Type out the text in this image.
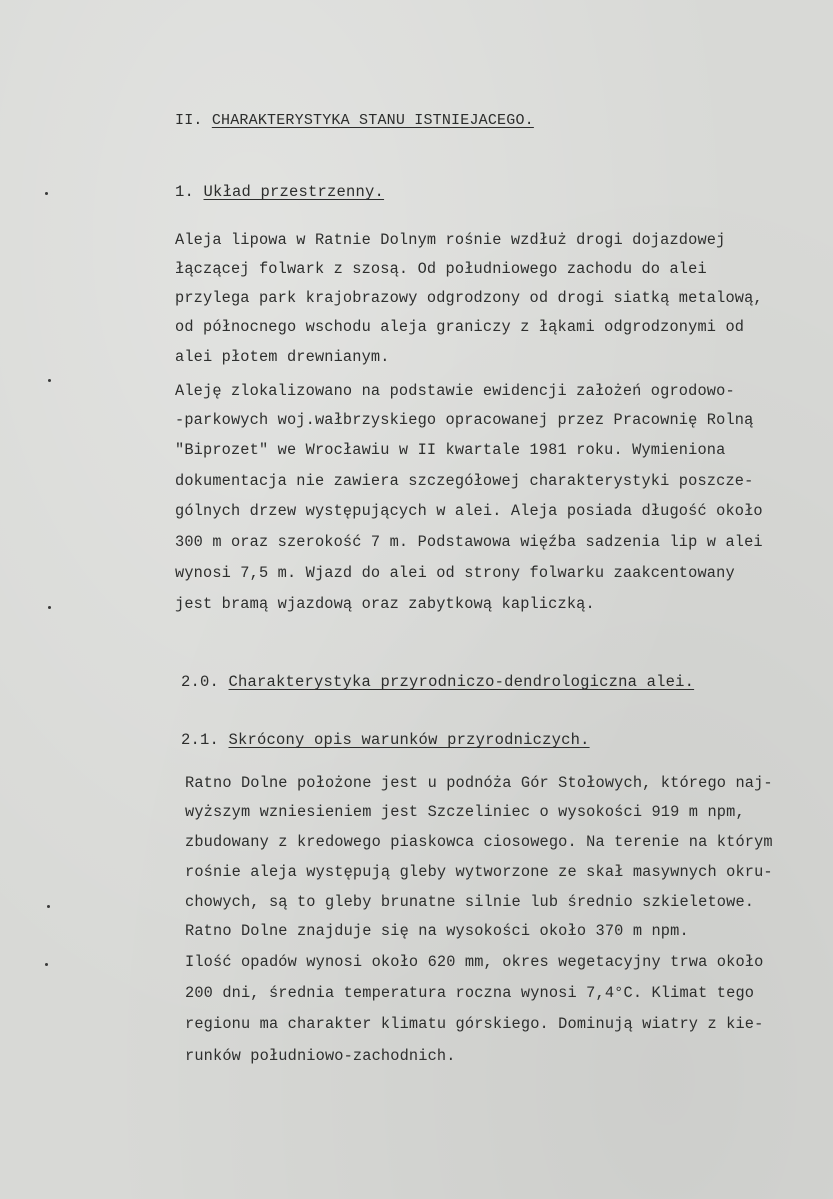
II. CHARAKTERYSTYKA STANU ISTNIEJACEGO.
1. Układ przestrzenny.
Aleja lipowa w Ratnie Dolnym rośnie wzdłuż drogi dojazdowej
łączącej folwark z szosą. Od południowego zachodu do alei
przylega park krajobrazowy odgrodzony od drogi siatką metalową,
od północnego wschodu aleja graniczy z łąkami odgrodzonymi od
alei płotem drewnianym.
Aleję zlokalizowano na podstawie ewidencji założeń ogrodowo-
-parkowych woj.wałbrzyskiego opracowanej przez Pracownię Rolną
"Biprozet" we Wrocławiu w II kwartale 1981 roku. Wymieniona
dokumentacja nie zawiera szczegółowej charakterystyki poszcze-
gólnych drzew występujących w alei. Aleja posiada długość około
300 m oraz szerokość 7 m. Podstawowa więźba sadzenia lip w alei
wynosi 7,5 m. Wjazd do alei od strony folwarku zaakcentowany
jest bramą wjazdową oraz zabytkową kapliczką.
2.0. Charakterystyka przyrodniczo-dendrologiczna alei.
2.1. Skrócony opis warunków przyrodniczych.
Ratno Dolne położone jest u podnóża Gór Stołowych, którego naj-
wyższym wzniesieniem jest Szczeliniec o wysokości 919 m npm,
zbudowany z kredowego piaskowca ciosowego. Na terenie na którym
rośnie aleja występują gleby wytworzone ze skał masywnych okru-
chowych, są to gleby brunatne silnie lub średnio szkieletowe.
Ratno Dolne znajduje się na wysokości około 370 m npm.
Ilość opadów wynosi około 620 mm, okres wegetacyjny trwa około
200 dni, średnia temperatura roczna wynosi 7,4°C. Klimat tego
regionu ma charakter klimatu górskiego. Dominują wiatry z kie-
runków południowo-zachodnich.
